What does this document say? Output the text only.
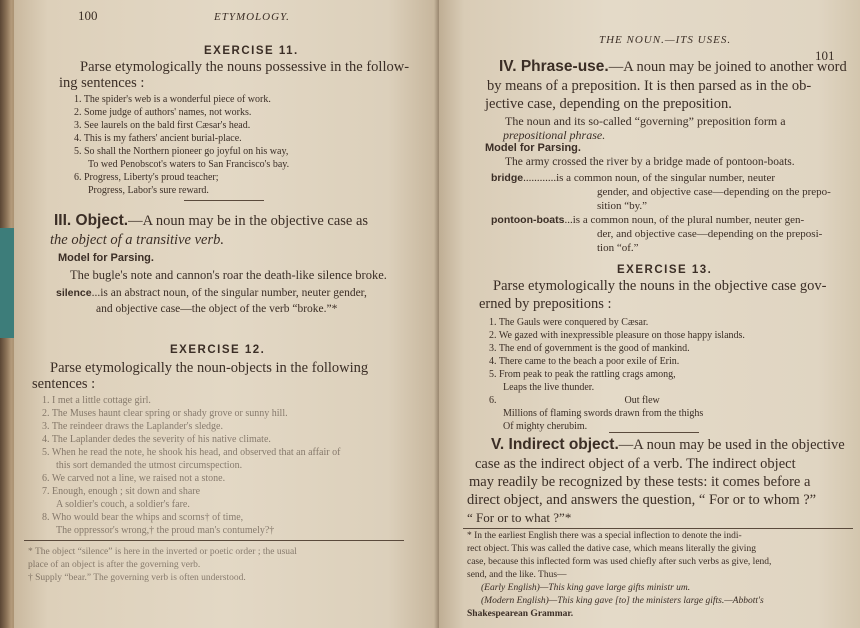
100	ETYMOLOGY.
EXERCISE 11.
Parse etymologically the nouns possessive in the follow-
ing sentences :
1. The spider's web is a wonderful piece of work.
2. Some judge of authors' names, not works.
3. See laurels on the bald first Cæsar's head.
4. This is my fathers' ancient burial-place.
5. So shall the Northern pioneer go joyful on his way,
To wed Penobscot's waters to San Francisco's bay.
6. Progress, Liberty's proud teacher;
Progress, Labor's sure reward.
III. Object.—A noun may be in the objective case as
the object of a transitive verb.
Model for Parsing.
The bugle's note and cannon's roar the death-like silence broke.
silence...is an abstract noun, of the singular number, neuter gender,
and objective case—the object of the verb “broke.”*
EXERCISE 12.
Parse etymologically the noun-objects in the following
sentences :
1. I met a little cottage girl.
2. The Muses haunt clear spring or shady grove or sunny hill.
3. The reindeer draws the Laplander's sledge.
4. The Laplander dedes the severity of his native climate.
5. When he read the note, he shook his head, and observed that an affair of
this sort demanded the utmost circumspection.
6. We carved not a line, we raised not a stone.
7. Enough, enough ; sit down and share
A soldier's couch, a soldier's fare.
8. Who would bear the whips and scorns† of time,
The oppressor's wrong,† the proud man's contumely?†
* The object “silence” is here in the inverted or poetic order ; the usual
place of an object is after the governing verb.
† Supply “bear.” The governing verb is often understood.
THE NOUN.—ITS USES.
101
IV. Phrase-use.—A noun may be joined to another word
by means of a preposition. It is then parsed as in the ob-
jective case, depending on the preposition.
The noun and its so-called “governing” preposition form a
prepositional phrase.
Model for Parsing.
The army crossed the river by a bridge made of pontoon-boats.
bridge............is a common noun, of the singular number, neuter
gender, and objective case—depending on the prepo-
sition “by.”
pontoon-boats...is a common noun, of the plural number, neuter gen-
der, and objective case—depending on the preposi-
tion “of.”
EXERCISE 13.
Parse etymologically the nouns in the objective case gov-
erned by prepositions :
1. The Gauls were conquered by Cæsar.
2. We gazed with inexpressible pleasure on those happy islands.
3. The end of government is the good of mankind.
4. There came to the beach a poor exile of Erin.
5. From peak to peak the rattling crags among,
Leaps the live thunder.
6.	Out flew
Millions of flaming swords drawn from the thighs
Of mighty cherubim.
V. Indirect object.—A noun may be used in the objective
case as the indirect object of a verb. The indirect object
may readily be recognized by these tests: it comes before a
direct object, and answers the question, “ For or to whom ?”
“ For or to what ?”*
* In the earliest English there was a special inflection to denote the indi-
rect object. This was called the dative case, which means literally the giving
case, because this inflected form was used chiefly after such verbs as give, lend,
send, and the like. Thus—
(Early English)—This king gave large gifts ministr um.
(Modern English)—This king gave [to] the ministers large gifts.—Abbott's
Shakespearean Grammar.
